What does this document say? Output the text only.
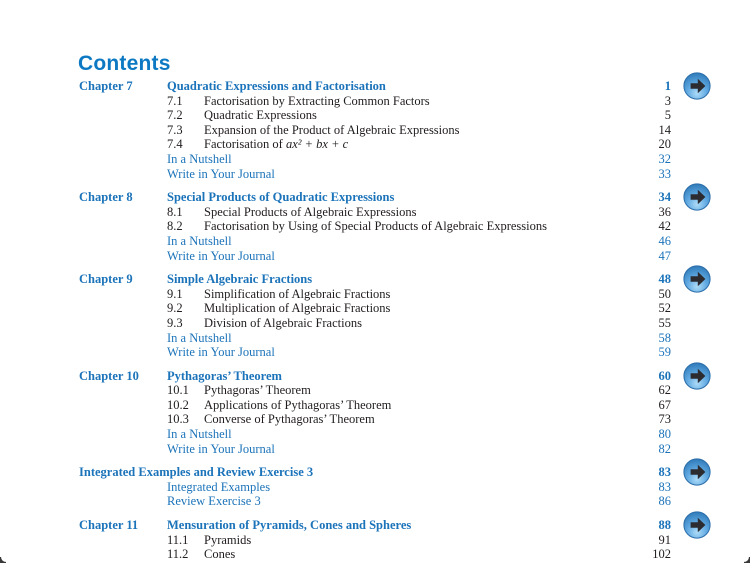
Contents
Chapter 7	Quadratic Expressions and Factorisation	1
7.1	Factorisation by Extracting Common Factors	3
7.2	Quadratic Expressions	5
7.3	Expansion of the Product of Algebraic Expressions	14
7.4	Factorisation of ax² + bx + c	20
In a Nutshell	32
Write in Your Journal	33
Chapter 8	Special Products of Quadratic Expressions	34
8.1	Special Products of Algebraic Expressions	36
8.2	Factorisation by Using of Special Products of Algebraic Expressions	42
In a Nutshell	46
Write in Your Journal	47
Chapter 9	Simple Algebraic Fractions	48
9.1	Simplification of Algebraic Fractions	50
9.2	Multiplication of Algebraic Fractions	52
9.3	Division of Algebraic Fractions	55
In a Nutshell	58
Write in Your Journal	59
Chapter 10	Pythagoras’ Theorem	60
10.1	Pythagoras’ Theorem	62
10.2	Applications of Pythagoras’ Theorem	67
10.3	Converse of Pythagoras’ Theorem	73
In a Nutshell	80
Write in Your Journal	82
Integrated Examples and Review Exercise 3	83
Integrated Examples	83
Review Exercise 3	86
Chapter 11	Mensuration of Pyramids, Cones and Spheres	88
11.1	Pyramids	91
11.2	Cones	102
